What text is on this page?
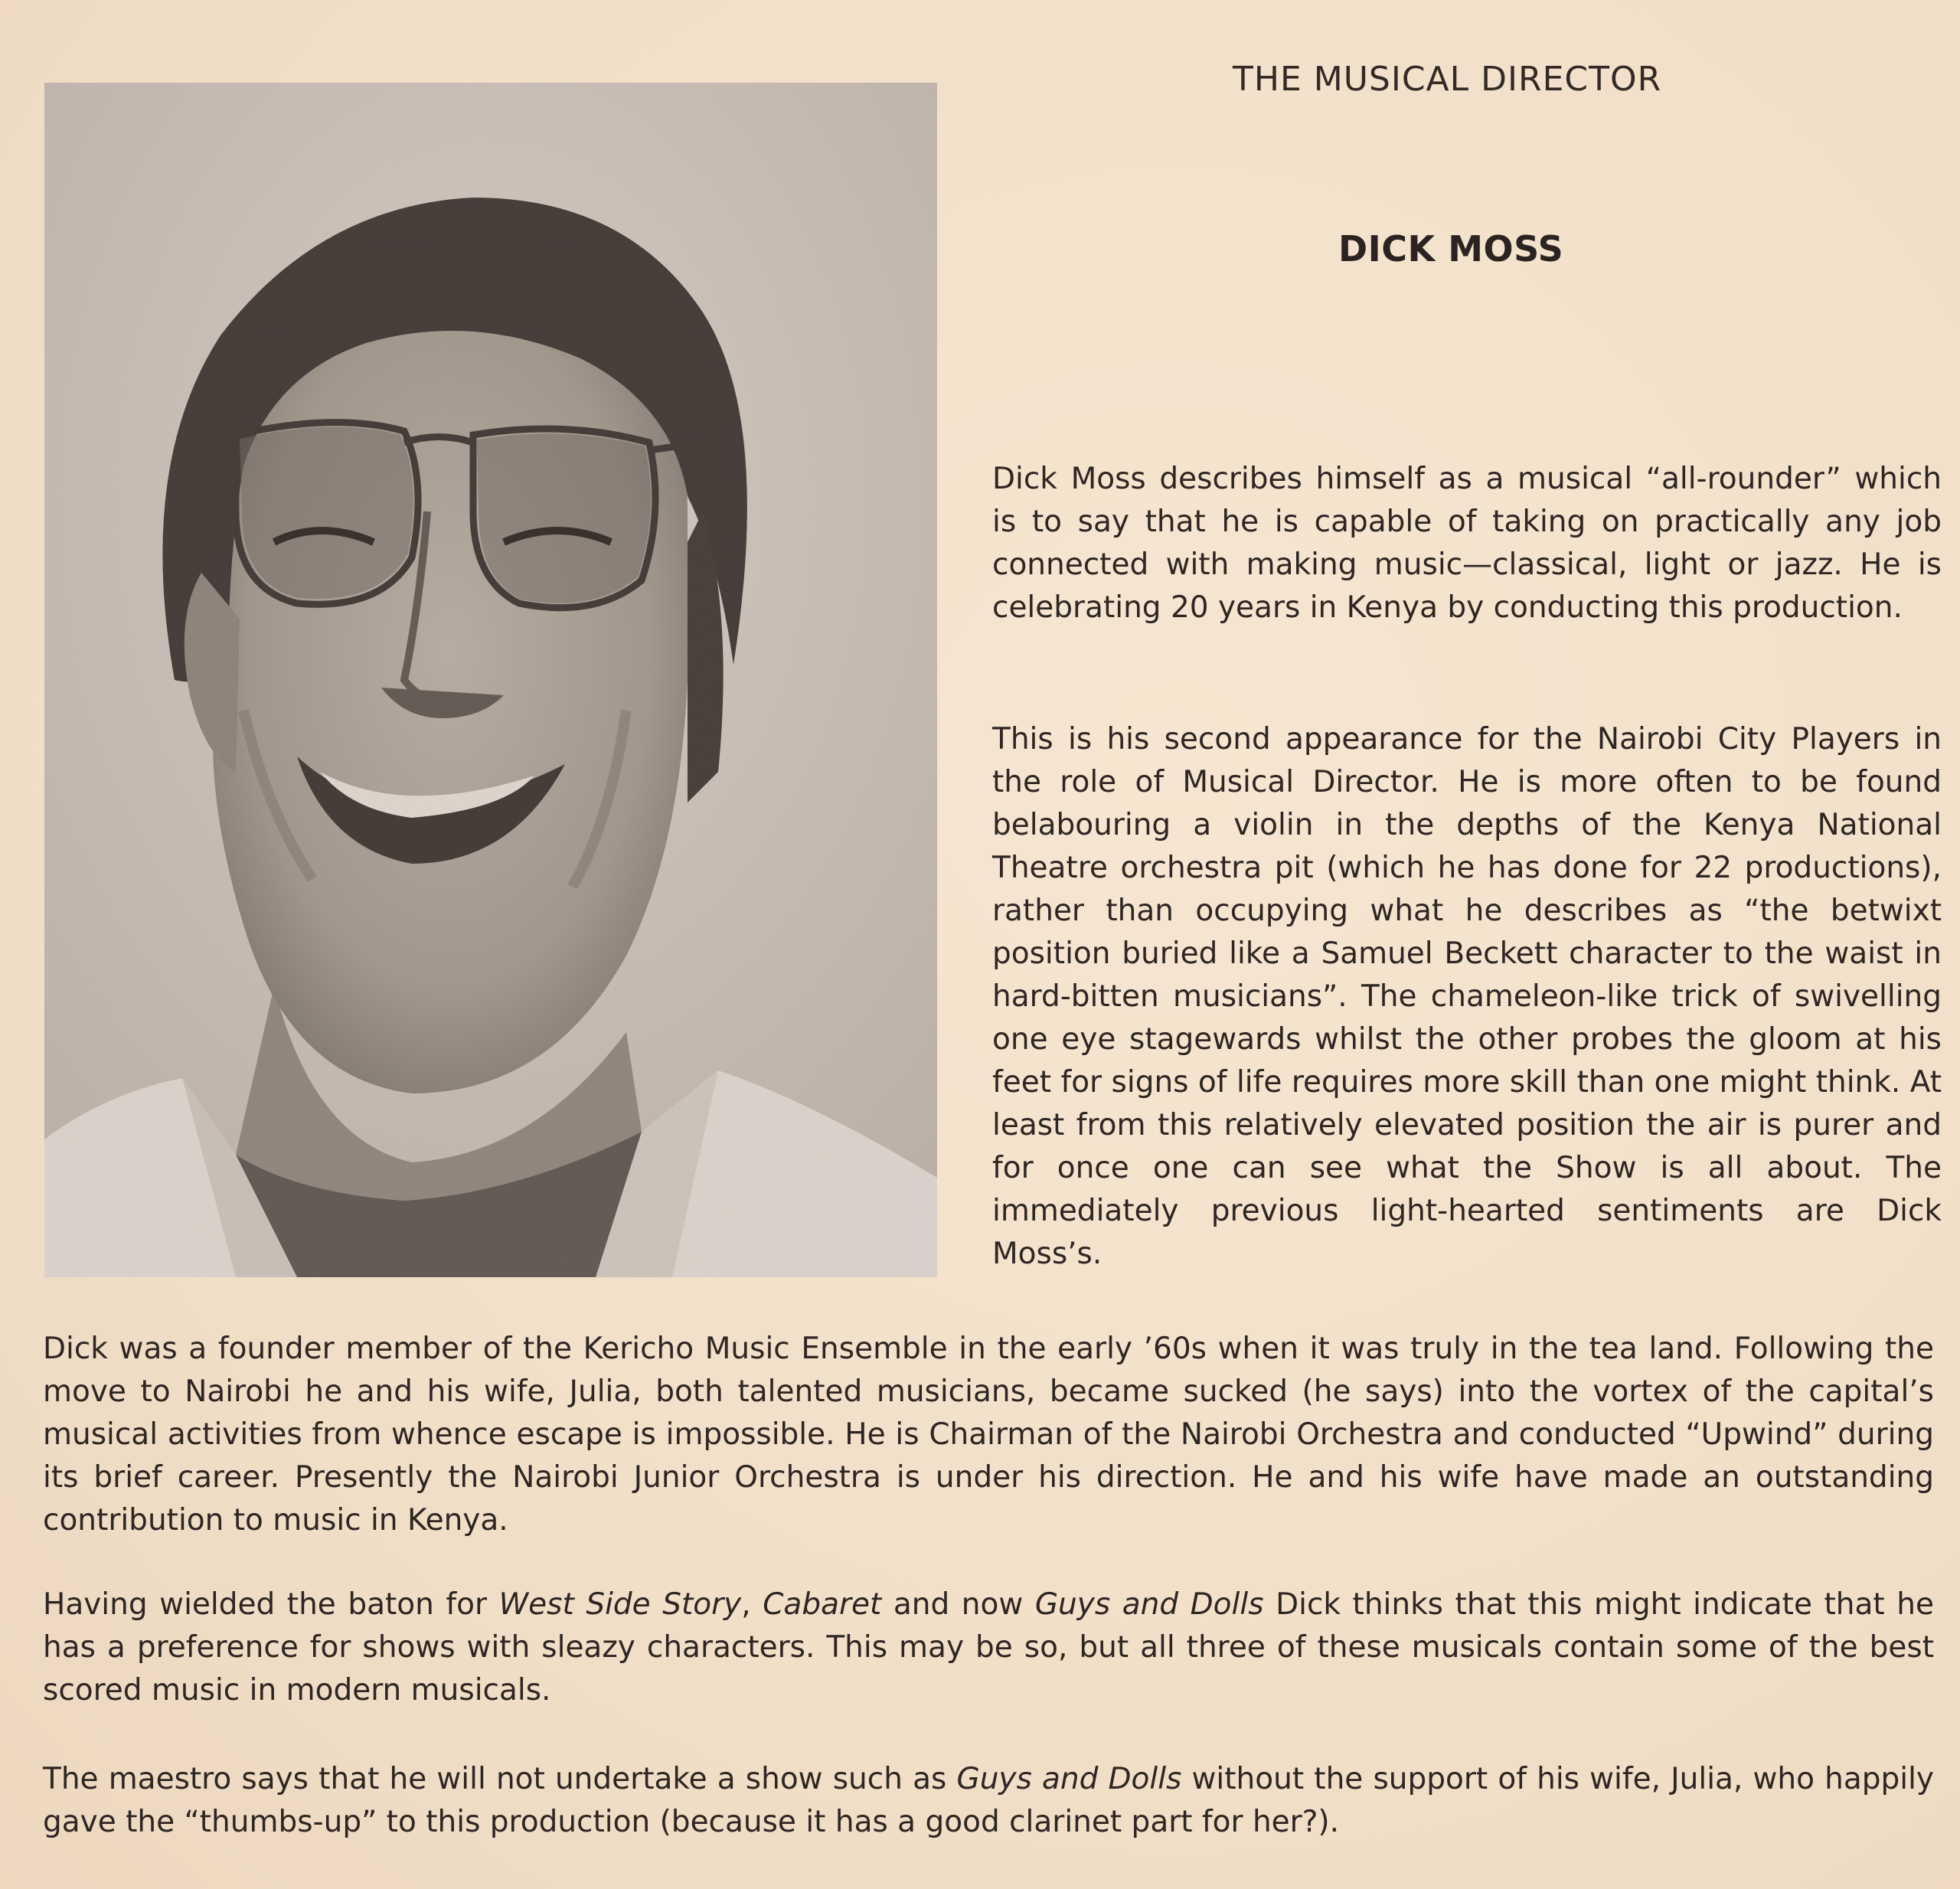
THE MUSICAL DIRECTOR
DICK MOSS
Dick Moss describes himself as a musical “all-rounder” which is to say that he is capable of taking on practically any job connected with making music—classical, light or jazz. He is celebrating 20 years in Kenya by conducting this production.
This is his second appearance for the Nairobi City Players in the role of Musical Director. He is more often to be found belabouring a violin in the depths of the Kenya National Theatre orchestra pit (which he has done for 22 productions), rather than occupying what he describes as “the betwixt position buried like a Samuel Beckett character to the waist in hard-bitten musicians”. The chameleon-like trick of swivelling one eye stagewards whilst the other probes the gloom at his feet for signs of life requires more skill than one might think. At least from this relatively elevated position the air is purer and for once one can see what the Show is all about. The immediately previous light-hearted sentiments are Dick Moss’s.
Dick was a founder member of the Kericho Music Ensemble in the early ’60s when it was truly in the tea land. Following the move to Nairobi he and his wife, Julia, both talented musicians, became sucked (he says) into the vortex of the capital’s musical activities from whence escape is impossible. He is Chairman of the Nairobi Orchestra and conducted “Upwind” during its brief career. Presently the Nairobi Junior Orchestra is under his direction. He and his wife have made an outstanding contribution to music in Kenya.
Having wielded the baton for West Side Story, Cabaret and now Guys and Dolls Dick thinks that this might indicate that he has a preference for shows with sleazy characters. This may be so, but all three of these musicals contain some of the best scored music in modern musicals.
The maestro says that he will not undertake a show such as Guys and Dolls without the support of his wife, Julia, who happily gave the “thumbs-up” to this production (because it has a good clarinet part for her?).
